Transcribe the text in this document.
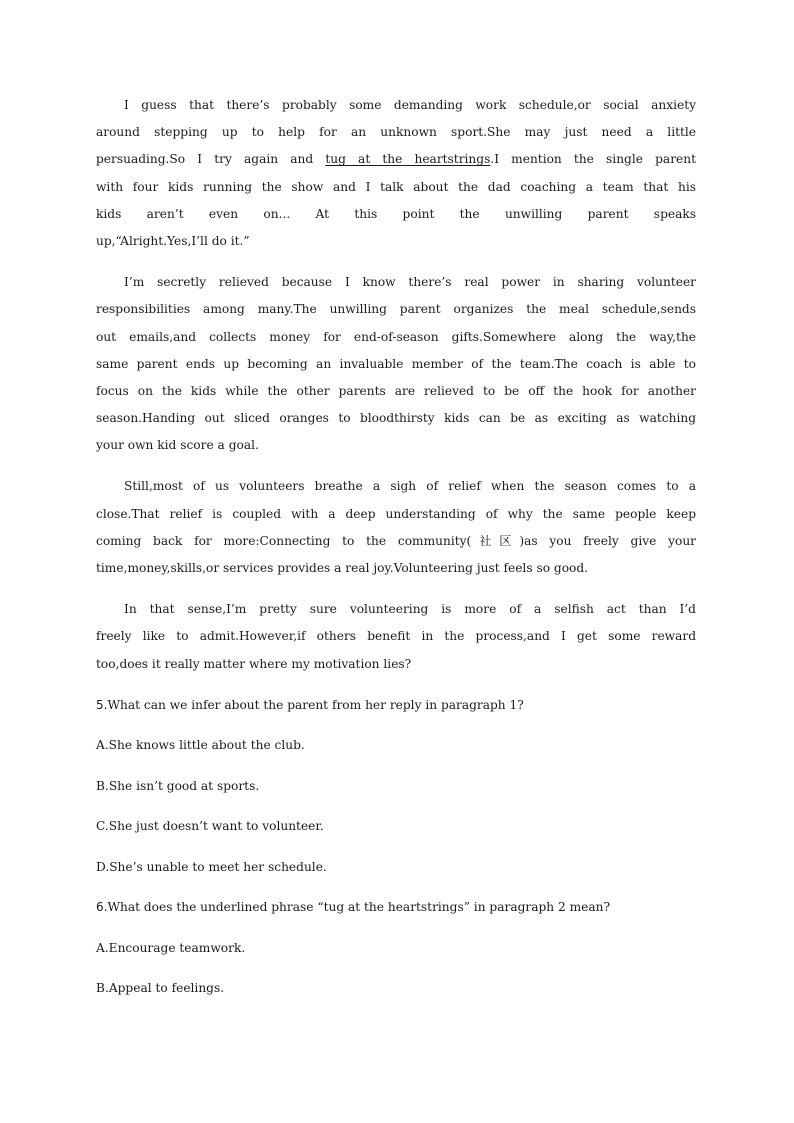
I guess that there’s probably some demanding work schedule,or social anxiety
around stepping up to help for an unknown sport.She may just need a little
persuading.So I try again and tug at the heartstrings.I mention the single parent
with four kids running the show and I talk about the dad coaching a team that his
kids aren’t even on... At this point the unwilling parent speaks
up,“Alright.Yes,I’ll do it.”
I’m secretly relieved because I know there’s real power in sharing volunteer
responsibilities among many.The unwilling parent organizes the meal schedule,sends
out emails,and collects money for end-of-season gifts.Somewhere along the way,the
same parent ends up becoming an invaluable member of the team.The coach is able to
focus on the kids while the other parents are relieved to be off the hook for another
season.Handing out sliced oranges to bloodthirsty kids can be as exciting as watching
your own kid score a goal.
Still,most of us volunteers breathe a sigh of relief when the season comes to a
close.That relief is coupled with a deep understanding of why the same people keep
coming back for more:Connecting to the community(社区)as you freely give your
time,money,skills,or services provides a real joy.Volunteering just feels so good.
In that sense,I’m pretty sure volunteering is more of a selfish act than I’d
freely like to admit.However,if others benefit in the process,and I get some reward
too,does it really matter where my motivation lies?
5.What can we infer about the parent from her reply in paragraph 1?
A.She knows little about the club.
B.She isn’t good at sports.
C.She just doesn’t want to volunteer.
D.She’s unable to meet her schedule.
6.What does the underlined phrase “tug at the heartstrings” in paragraph 2 mean?
A.Encourage teamwork.
B.Appeal to feelings.
